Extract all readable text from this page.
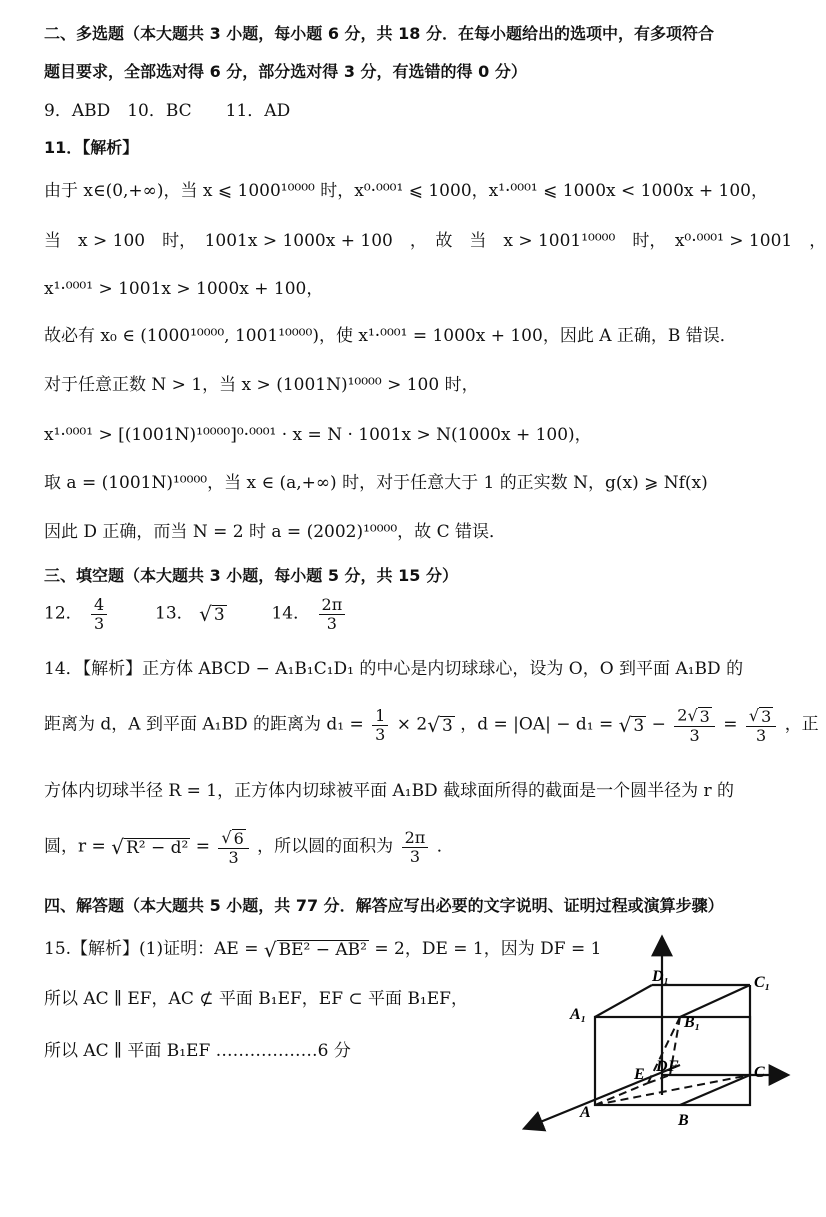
二、多选题（本大题共 3 小题，每小题 6 分，共 18 分．在每小题给出的选项中，有多项符合
题目要求，全部选对得 6 分，部分选对得 3 分，有选错的得 0 分）
9．ABD　10．BC　　11．AD
11．【解析】
由于 x∈(0,+∞)，当 x ⩽ 1000¹⁰⁰⁰⁰ 时，x⁰·⁰⁰⁰¹ ⩽ 1000，x¹·⁰⁰⁰¹ ⩽ 1000x < 1000x + 100，
当　x > 100　时，　1001x > 1000x + 100　，　故　当　x > 1001¹⁰⁰⁰⁰　时，　x⁰·⁰⁰⁰¹ > 1001　，
x¹·⁰⁰⁰¹ > 1001x > 1000x + 100，
故必有 x₀ ∈ (1000¹⁰⁰⁰⁰, 1001¹⁰⁰⁰⁰)，使 x¹·⁰⁰⁰¹ = 1000x + 100，因此 A 正确，B 错误．
对于任意正数 N > 1，当 x > (1001N)¹⁰⁰⁰⁰ > 100 时，
x¹·⁰⁰⁰¹ > [(1001N)¹⁰⁰⁰⁰]⁰·⁰⁰⁰¹ · x = N · 1001x > N(1000x + 100)，
取 a = (1001N)¹⁰⁰⁰⁰，当 x ∈ (a,+∞) 时，对于任意大于 1 的正实数 N，g(x) ⩾ Nf(x)
因此 D 正确，而当 N = 2 时 a = (2002)¹⁰⁰⁰⁰，故 C 错误．
三、填空题（本大题共 3 小题，每小题 5 分，共 15 分）
12． $\frac{4}{3}$	13． √ 3	14． $\frac{2\pi}{3}$
14．【解析】正方体 ABCD − A₁B₁C₁D₁ 的中心是内切球球心，设为 O，O 到平面 A₁BD 的
距离为 d，A 到平面 A₁BD 的距离为 $d_1 = \frac{1}{3} \times 2$ √ 3 ，d = |OA| − d₁ = √ $3 - \frac{2 √ 3}{3} = \frac{√ 3}{3}$ ，正
方体内切球半径 R = 1，正方体内切球被平面 A₁BD 截球面所得的截面是一个圆半径为 r 的
圆，r = √ $R^2 - d^2 = \frac{√ 6}{3}$ ，所以圆的面积为 $\frac{2\pi}{3}$ ．
四、解答题（本大题共 5 小题，共 77 分．解答应写出必要的文字说明、证明过程或演算步骤）
15.【解析】(1)证明：AE = √ BE² − AB² = 2，DE = 1，因为 DF = 1
所以 AC ∥ EF，AC ⊄ 平面 B₁EF，EF ⊂ 平面 B₁EF，
所以 AC ∥ 平面 B₁EF ………………6 分
D₁	C₁
A₁	B₁
E D F	C
A	B
